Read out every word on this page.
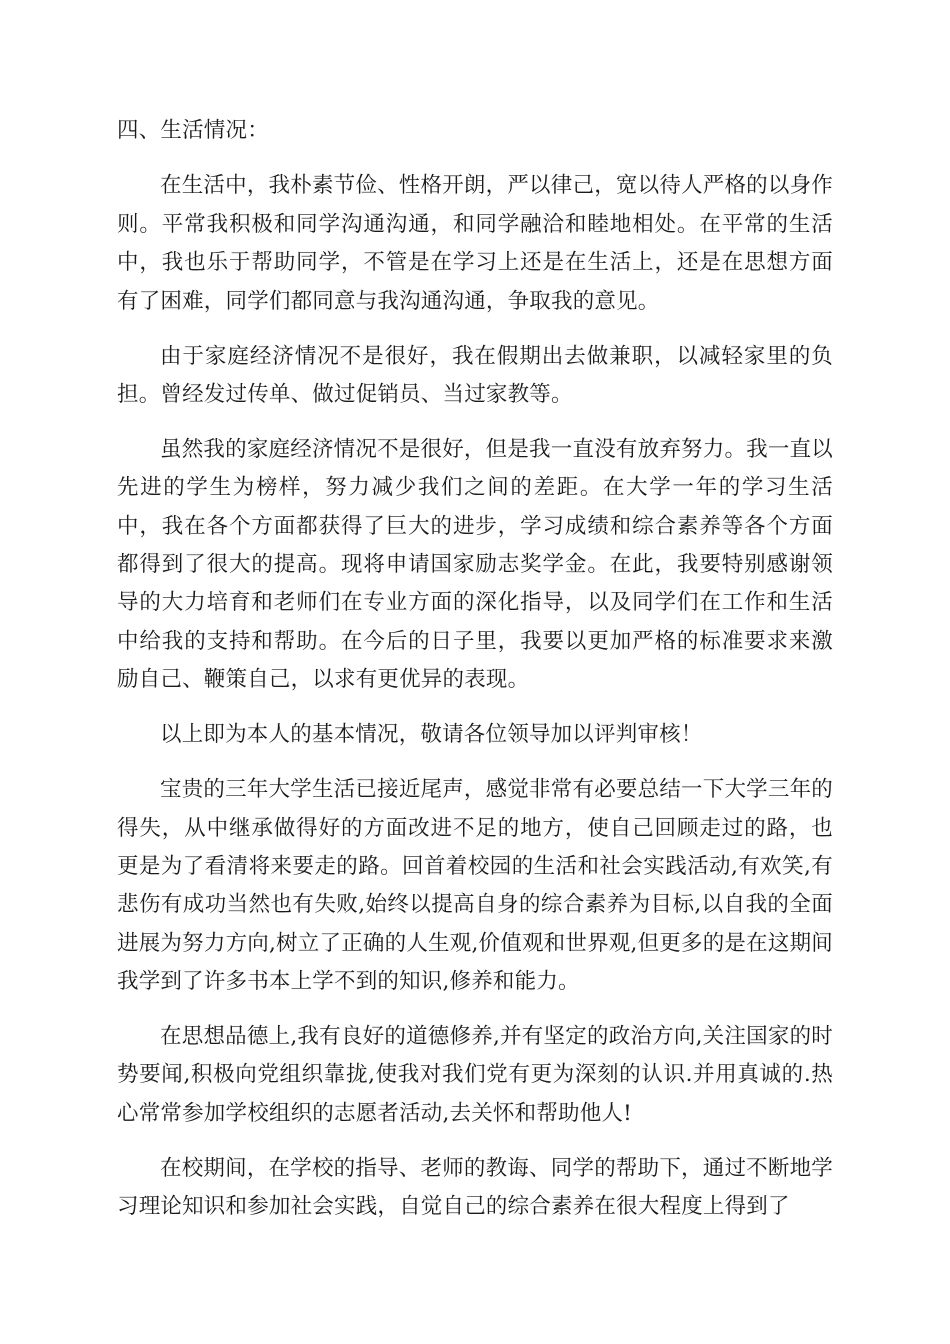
四、生活情况：

在生活中，我朴素节俭、性格开朗，严以律己，宽以待人严格的以身作则。平常我积极和同学沟通沟通，和同学融洽和睦地相处。在平常的生活中，我也乐于帮助同学，不管是在学习上还是在生活上，还是在思想方面有了困难，同学们都同意与我沟通沟通，争取我的意见。

由于家庭经济情况不是很好，我在假期出去做兼职，以减轻家里的负担。曾经发过传单、做过促销员、当过家教等。

虽然我的家庭经济情况不是很好，但是我一直没有放弃努力。我一直以先进的学生为榜样，努力减少我们之间的差距。在大学一年的学习生活中，我在各个方面都获得了巨大的进步，学习成绩和综合素养等各个方面都得到了很大的提高。现将申请国家励志奖学金。在此，我要特别感谢领导的大力培育和老师们在专业方面的深化指导，以及同学们在工作和生活中给我的支持和帮助。在今后的日子里，我要以更加严格的标准要求来激励自己、鞭策自己，以求有更优异的表现。

以上即为本人的基本情况，敬请各位领导加以评判审核！

宝贵的三年大学生活已接近尾声，感觉非常有必要总结一下大学三年的得失，从中继承做得好的方面改进不足的地方，使自己回顾走过的路，也更是为了看清将来要走的路。回首着校园的生活和社会实践活动,有欢笑,有悲伤有成功当然也有失败,始终以提高自身的综合素养为目标,以自我的全面进展为努力方向,树立了正确的人生观,价值观和世界观,但更多的是在这期间我学到了许多书本上学不到的知识,修养和能力。

在思想品德上,我有良好的道德修养,并有坚定的政治方向,关注国家的时势要闻,积极向党组织靠拢,使我对我们党有更为深刻的认识.并用真诚的.热心常常参加学校组织的志愿者活动,去关怀和帮助他人!

在校期间，在学校的指导、老师的教诲、同学的帮助下，通过不断地学习理论知识和参加社会实践，自觉自己的综合素养在很大程度上得到了
